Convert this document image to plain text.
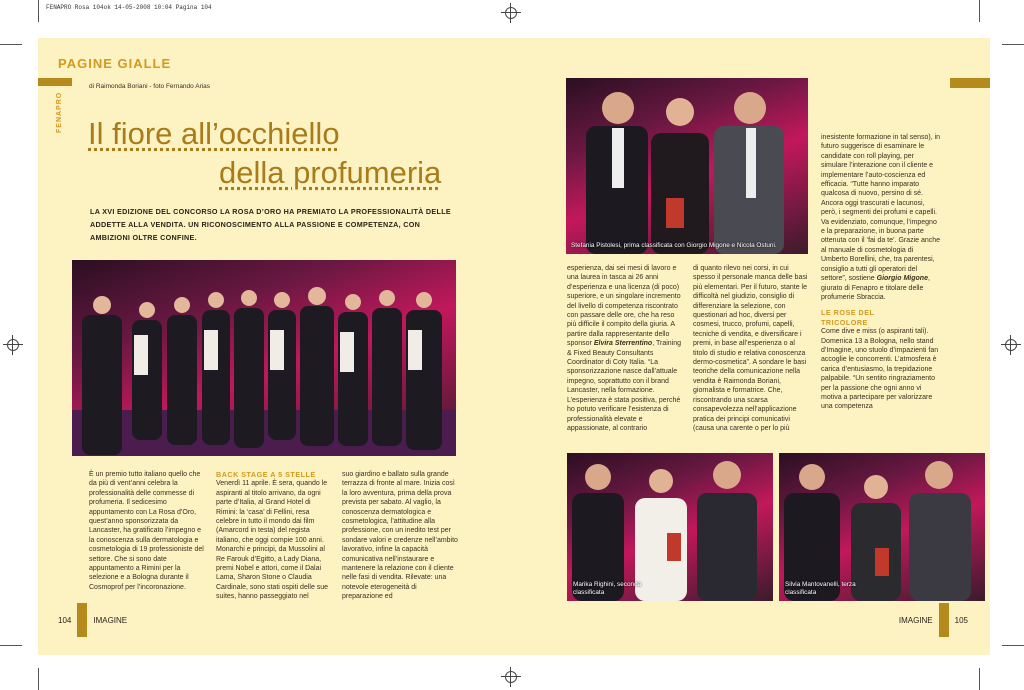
FENAPRO Rosa 104ok 14-05-2008 10:04 Pagina 104
PAGINE GIALLE
di Raimonda Boriani - foto Fernando Arias
FENAPRO
Il fiore all’occhiello
della profumeria
LA XVI EDIZIONE DEL CONCORSO LA ROSA D’ORO HA PREMIATO LA PROFESSIONALITÀ DELLE ADDETTE ALLA VENDITA. UN RICONOSCIMENTO ALLA PASSIONE E COMPETENZA, CON AMBIZIONI OLTRE CONFINE.
Stefania Pistolesi, prima classificata con Giorgio Migone e Nicola Ostuni.
Marika Righini, seconda classificata
Silvia Mantovanelli, terza classificata
È un premio tutto italiano quello che da più di vent’anni celebra la professionalità delle commesse di profumeria. Il sedicesimo appuntamento con La Rosa d’Oro, quest’anno sponsorizzata da Lancaster, ha gratificato l’impegno e la conoscenza sulla dermatologia e cosmetologia di 19 professioniste del settore. Che si sono date appuntamento a Rimini per la selezione e a Bologna durante il Cosmoprof per l’incoronazione.
BACK STAGE A 5 STELLE
Venerdì 11 aprile. È sera, quando le aspiranti al titolo arrivano, da ogni parte d’Italia, al Grand Hotel di Rimini: la ‘casa’ di Fellini, resa celebre in tutto il mondo dai film (Amarcord in testa) del regista italiano, che oggi compie 100 anni. Monarchi e principi, da Mussolini al Re Farouk d’Egitto, a Lady Diana, premi Nobel e attori, come il Dalai Lama, Sharon Stone o Claudia Cardinale, sono stati ospiti delle sue suites, hanno passeggiato nel
suo giardino e ballato sulla grande terrazza di fronte al mare. Inizia così la loro avventura, prima della prova prevista per sabato. Al vaglio, la conoscenza dermatologica e cosmetologica, l’attitudine alla professione, con un inedito test per sondare valori e credenze nell’ambito lavorativo, infine la capacità comunicativa nell’instaurare e mantenere la relazione con il cliente nelle fasi di vendita. Rilevate: una notevole eterogeneità di preparazione ed
esperienza, dai sei mesi di lavoro e una laurea in tasca ai 26 anni d’esperienza e una licenza (di poco) superiore, e un singolare incremento del livello di competenza riscontrato con passare delle ore, che ha reso più difficile il compito della giuria. A partire dalla rappresentante dello sponsor Elvira Sterrentino, Training & Fixed Beauty Consultants Coordinator di Coty Italia. “La sponsorizzazione nasce dall’attuale impegno, soprattutto con il brand Lancaster, nella formazione. L’esperienza è stata positiva, perché ho potuto verificare l’esistenza di professionalità elevate e appassionate, al contrario
di quanto rilevo nei corsi, in cui spesso il personale manca delle basi più elementari. Per il futuro, stante le difficoltà nel giudizio, consiglio di differenziare la selezione, con questionari ad hoc, diversi per cosmesi, trucco, profumi, capelli, tecniche di vendita, e diversificare i premi, in base all’esperienza o al titolo di studio e relativa conoscenza dermo-cosmetica”. A sondare le basi teoriche della comunicazione nella vendita è Raimonda Boriani, giornalista e formatrice. Che, riscontrando una scarsa consapevolezza nell’applicazione pratica dei principi comunicativi (causa una carente o per lo più
inesistente formazione in tal senso), in futuro suggerisce di esaminare le candidate con roll playing, per simulare l’interazione con il cliente e implementare l’auto-coscienza ed efficacia. “Tutte hanno imparato qualcosa di nuovo, persino di sé. Ancora oggi trascurati e lacunosi, però, i segmenti dei profumi e capelli. Va evidenziato, comunque, l’impegno e la preparazione, in buona parte ottenuta con il ‘fai da te’. Grazie anche al manuale di cosmetologia di Umberto Borellini, che, tra parentesi, consiglio a tutti gli operatori del settore”, sostiene Giorgio Migone, giurato di Fenapro e titolare delle profumerie Sbraccia.
LE ROSE DEL TRICOLORE
Come dive e miss (o aspiranti tali). Domenica 13 a Bologna, nello stand d’Imagine, uno stuolo d’impazienti fan accoglie le concorrenti. L’atmosfera è carica d’entusiasmo, la trepidazione palpabile. “Un sentito ringraziamento per la passione che ogni anno vi motiva a partecipare per valorizzare una competenza
104	IMAGINE	IMAGINE	105
